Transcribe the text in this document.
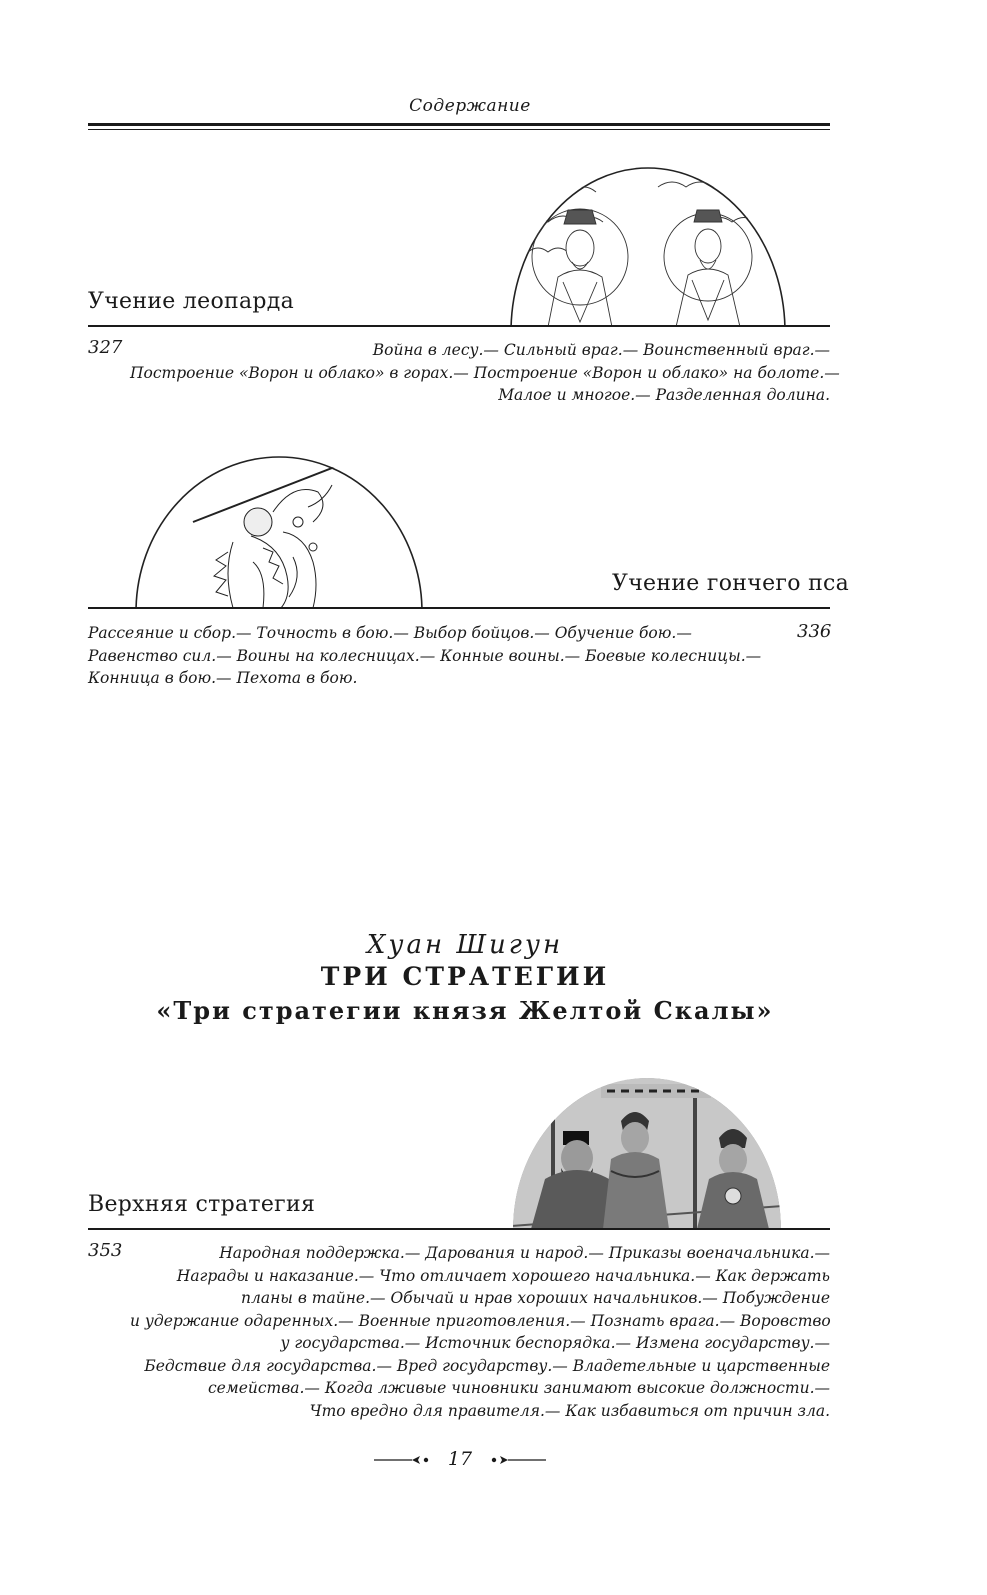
Содержание
Учение леопарда
327	Война в лесу.— Сильный враг.— Воинственный враг.—
Построение «Ворон и облако» в горах.— Построение «Ворон и облако» на болоте.—
Малое и многое.— Разделенная долина.
Учение гончего пса
336
Рассеяние и сбор.— Точность в бою.— Выбор бойцов.— Обучение бою.—
Равенство сил.— Воины на колесницах.— Конные воины.— Боевые колесницы.—
Конница в бою.— Пехота в бою.
Хуан Шигун
ТРИ СТРАТЕГИИ
«Три стратегии князя Желтой Скалы»
Верхняя стратегия
353	Народная поддержка.— Дарования и народ.— Приказы военачальника.—
Награды и наказание.— Что отличает хорошего начальника.— Как держать
планы в тайне.— Обычай и нрав хороших начальников.— Побуждение
и удержание одаренных.— Военные приготовления.— Познать врага.— Воровство
у государства.— Источник беспорядка.— Измена государству.—
Бедствие для государства.— Вред государству.— Владетельные и царственные
семейства.— Когда лживые чиновники занимают высокие должности.—
Что вредно для правителя.— Как избавиться от причин зла.
17
